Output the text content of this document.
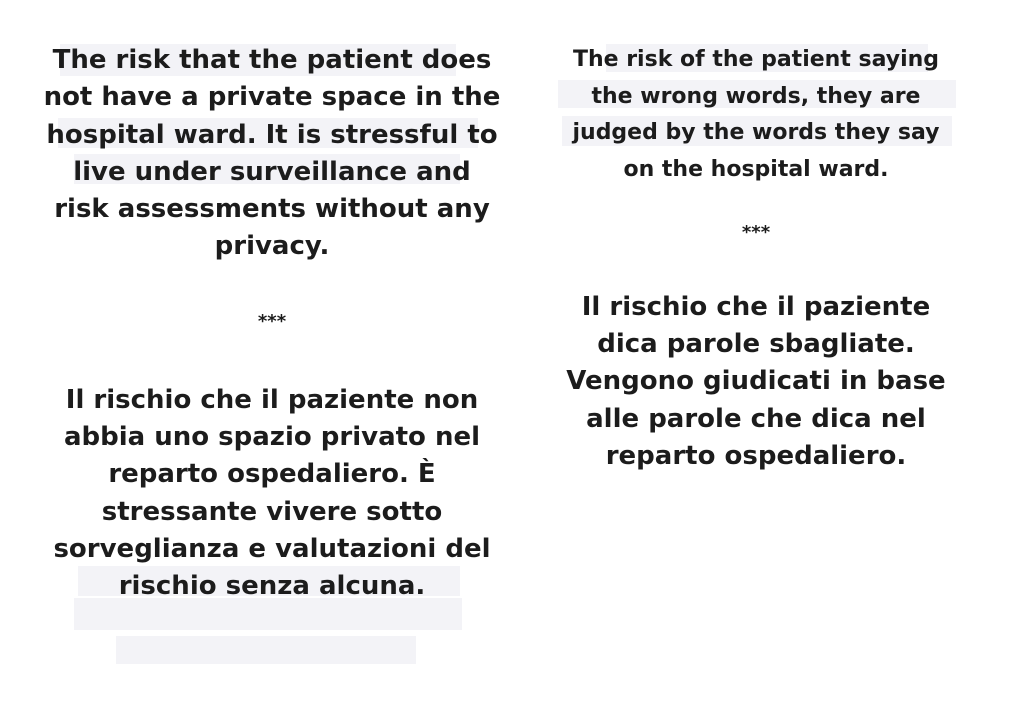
The risk that the patient does not have a private space in the hospital ward. It is stressful to live under surveillance and risk assessments without any privacy.

***

Il rischio che il paziente non abbia uno spazio privato nel reparto ospedaliero. È stressante vivere sotto sorveglianza e valutazioni del rischio senza alcuna.

The risk of the patient saying the wrong words, they are judged by the words they say on the hospital ward.

***

Il rischio che il paziente dica parole sbagliate. Vengono giudicati in base alle parole che dica nel reparto ospedaliero.
